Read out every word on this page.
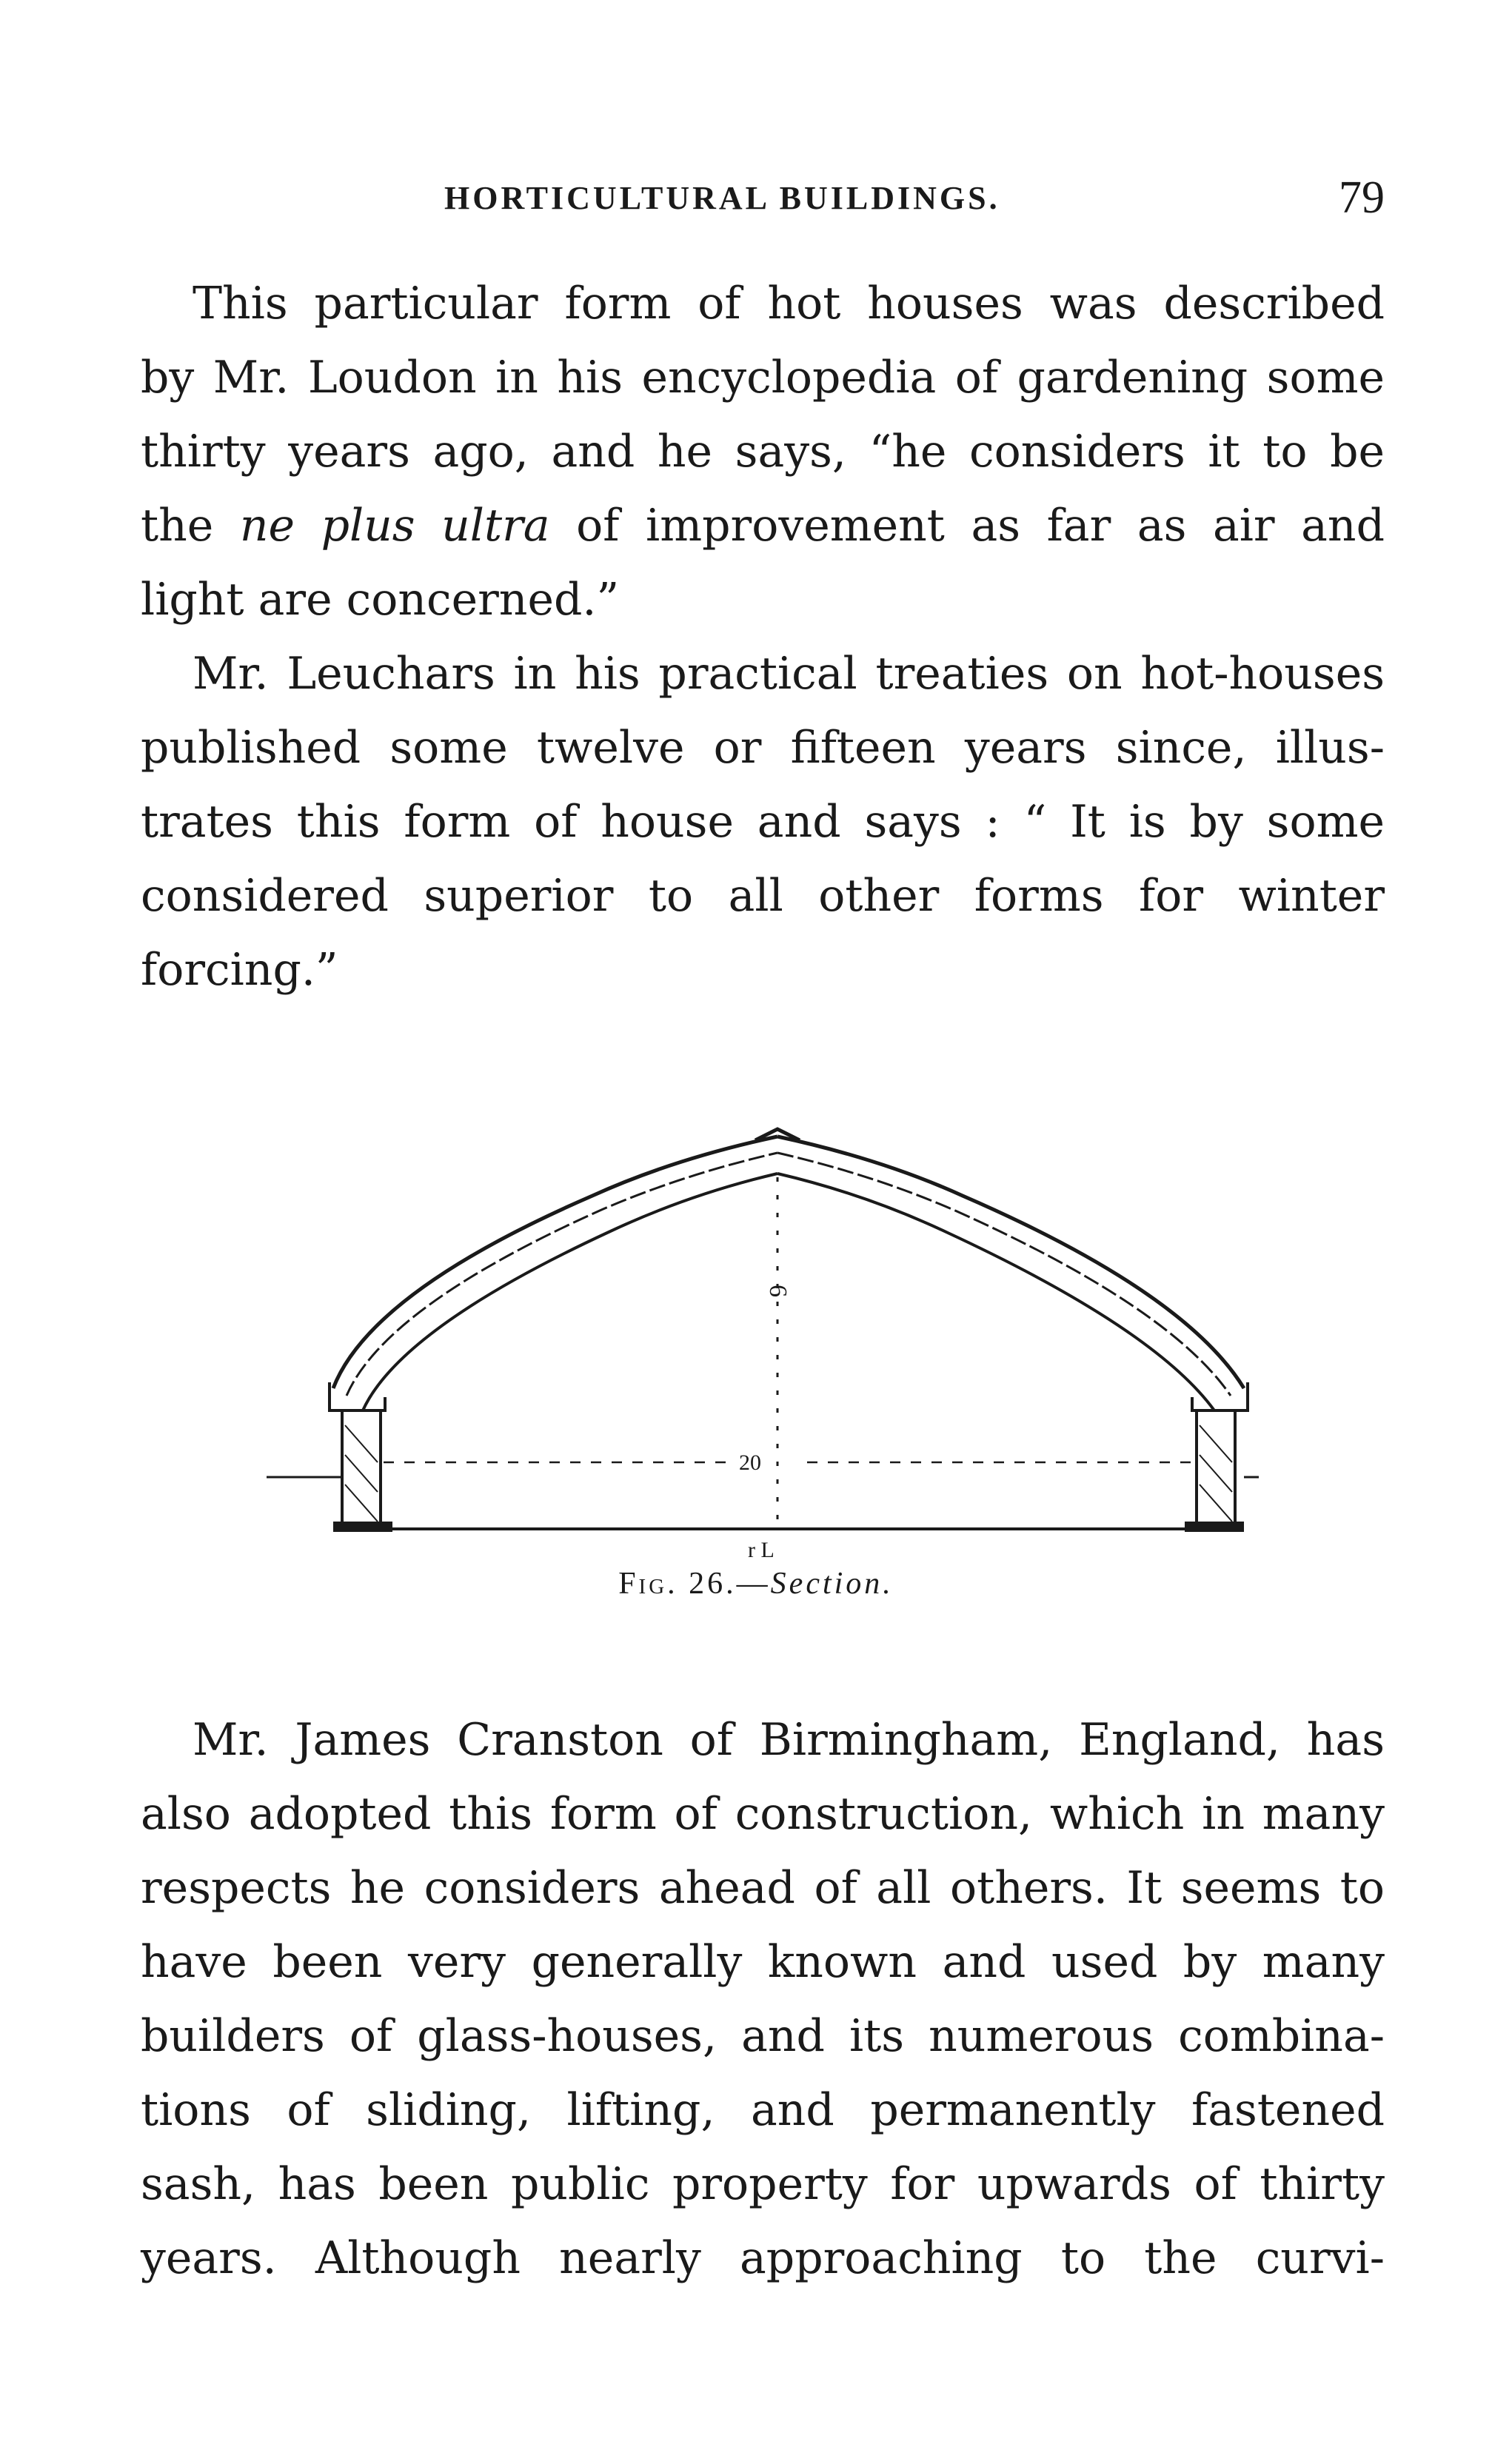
HORTICULTURAL BUILDINGS.	79
This particular form of hot houses was described
by Mr. Loudon in his encyclopedia of gardening some
thirty years ago, and he says, “he considers it to be
the ne plus ultra of improvement as far as air and
light are concerned.”
Mr. Leuchars in his practical treaties on hot-houses
published some twelve or fifteen years since, illus-
trates this form of house and says : “ It is by some
considered superior to all other forms for winter
forcing.”
6
20
r L
Fig. 26.—Section.
Mr. James Cranston of Birmingham, England, has
also adopted this form of construction, which in many
respects he considers ahead of all others. It seems to
have been very generally known and used by many
builders of glass-houses, and its numerous combina-
tions of sliding, lifting, and permanently fastened
sash, has been public property for upwards of thirty
years. Although nearly approaching to the curvi-
